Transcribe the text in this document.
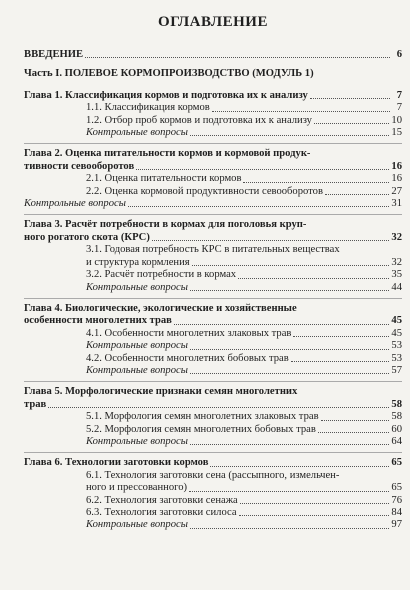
ОГЛАВЛЕНИЕ
ВВЕДЕНИЕ	6
Часть I. ПОЛЕВОЕ КОРМОПРОИЗВОДСТВО (МОДУЛЬ 1)
Глава 1. Классификация кормов и подготовка их к анализу	7
1.1. Классификация кормов	7
1.2. Отбор проб кормов и подготовка их к анализу	10
Контрольные вопросы	15
Глава 2. Оценка питательности кормов и кормовой продук-
тивности севооборотов	16
2.1. Оценка питательности кормов	16
2.2. Оценка кормовой продуктивности севооборотов	27
Контрольные вопросы	31
Глава 3. Расчёт потребности в кормах для поголовья круп-
ного рогатого скота (КРС)	32
3.1. Годовая потребность КРС в питательных веществах
и структура кормления	32
3.2. Расчёт потребности в кормах	35
Контрольные вопросы	44
Глава 4. Биологические, экологические и хозяйственные
особенности многолетних трав	45
4.1. Особенности многолетних злаковых трав	45
Контрольные вопросы	53
4.2. Особенности многолетних бобовых трав	53
Контрольные вопросы	57
Глава 5. Морфологические признаки семян многолетних
трав	58
5.1. Морфология семян многолетних злаковых трав	58
5.2. Морфология семян многолетних бобовых трав	60
Контрольные вопросы	64
Глава 6. Технологии заготовки кормов	65
6.1. Технология заготовки сена (рассыпного, измельчен-
ного и прессованного)	65
6.2. Технология заготовки сенажа	76
6.3. Технология заготовки силоса	84
Контрольные вопросы	97
